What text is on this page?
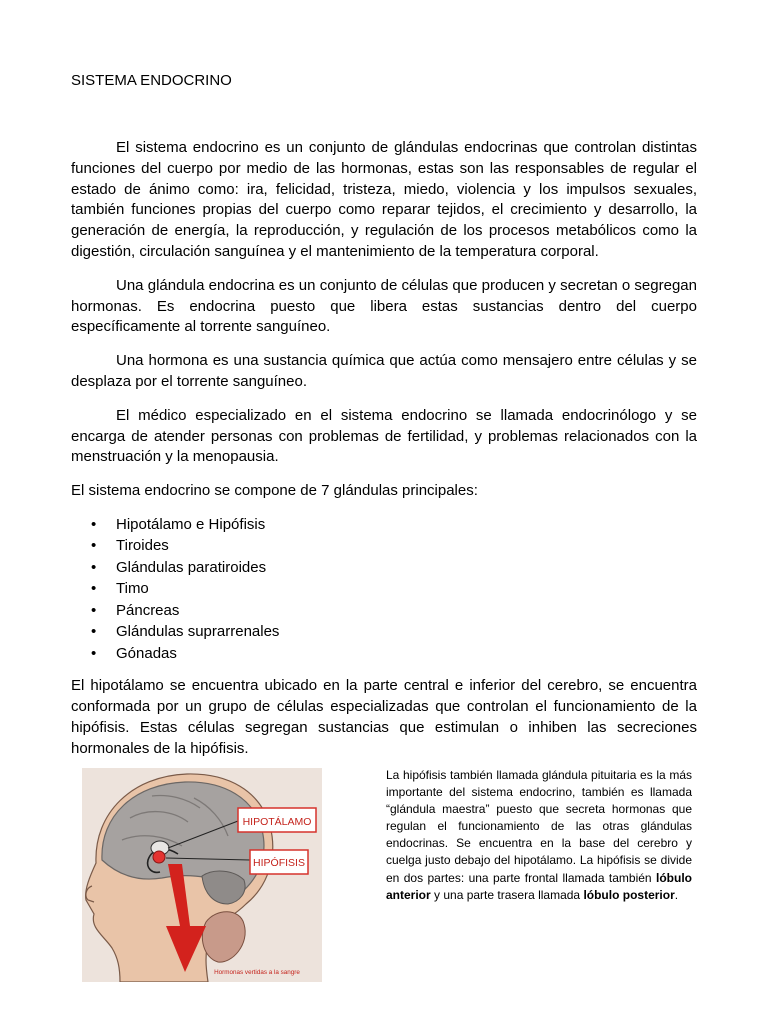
SISTEMA ENDOCRINO

El sistema endocrino es un conjunto de glándulas endocrinas que controlan distintas funciones del cuerpo por medio de las hormonas, estas son las responsables de regular el estado de ánimo como: ira, felicidad, tristeza, miedo, violencia y los impulsos sexuales, también funciones propias del cuerpo como reparar tejidos, el crecimiento y desarrollo, la generación de energía, la reproducción, y regulación de los procesos metabólicos como la digestión, circulación sanguínea y el mantenimiento de la temperatura corporal.

Una glándula endocrina es un conjunto de células que producen y secretan o segregan hormonas. Es endocrina puesto que libera estas sustancias dentro del cuerpo específicamente al torrente sanguíneo.

Una hormona es una sustancia química que actúa como mensajero entre células y se desplaza por el torrente sanguíneo.

El médico especializado en el sistema endocrino se llamada endocrinólogo y se encarga de atender personas con problemas de fertilidad, y problemas relacionados con la menstruación y la menopausia.

El sistema endocrino se compone de 7 glándulas principales:

• Hipotálamo e Hipófisis
• Tiroides
• Glándulas paratiroides
• Timo
• Páncreas
• Glándulas suprarrenales
• Gónadas

El hipotálamo se encuentra ubicado en la parte central e inferior del cerebro, se encuentra conformada por un grupo de células especializadas que controlan el funcionamiento de la hipófisis. Estas células segregan sustancias que estimulan o inhiben las secreciones hormonales de la hipófisis.

HIPOTÁLAMO
HIPÓFISIS
Hormonas vertidas a la sangre
La hipófisis también llamada glándula pituitaria es la más importante del sistema endocrino, también es llamada “glándula maestra” puesto que secreta hormonas que regulan el funcionamiento de las otras glándulas endocrinas. Se encuentra en la base del cerebro y cuelga justo debajo del hipotálamo. La hipófisis se divide en dos partes: una parte frontal llamada también lóbulo anterior y una parte trasera llamada lóbulo posterior.
